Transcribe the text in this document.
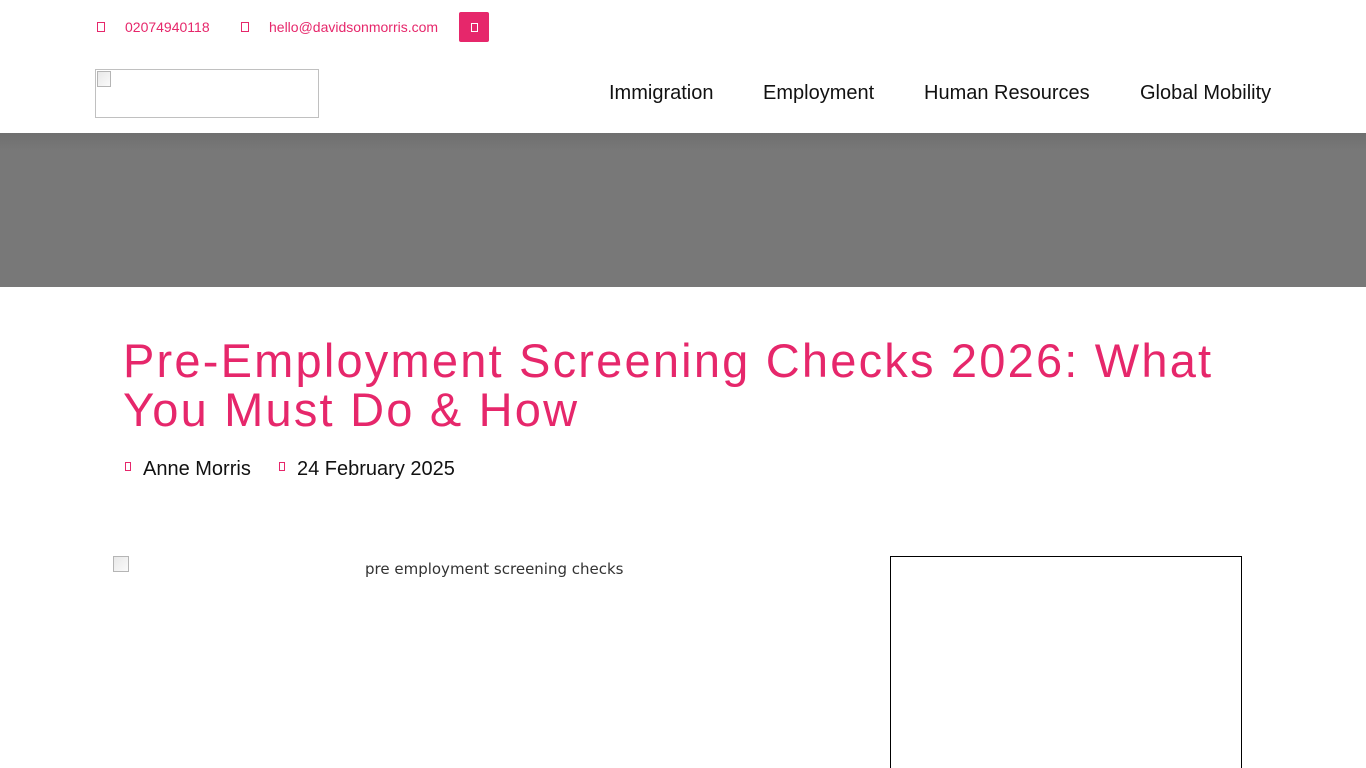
02074940118	hello@davidsonmorris.com
Immigration Employment Human Resources	Global Mobility
Pre-Employment Screening Checks 2026: What You Must Do & How
Anne Morris 24 February 2025
pre employment screening checks
